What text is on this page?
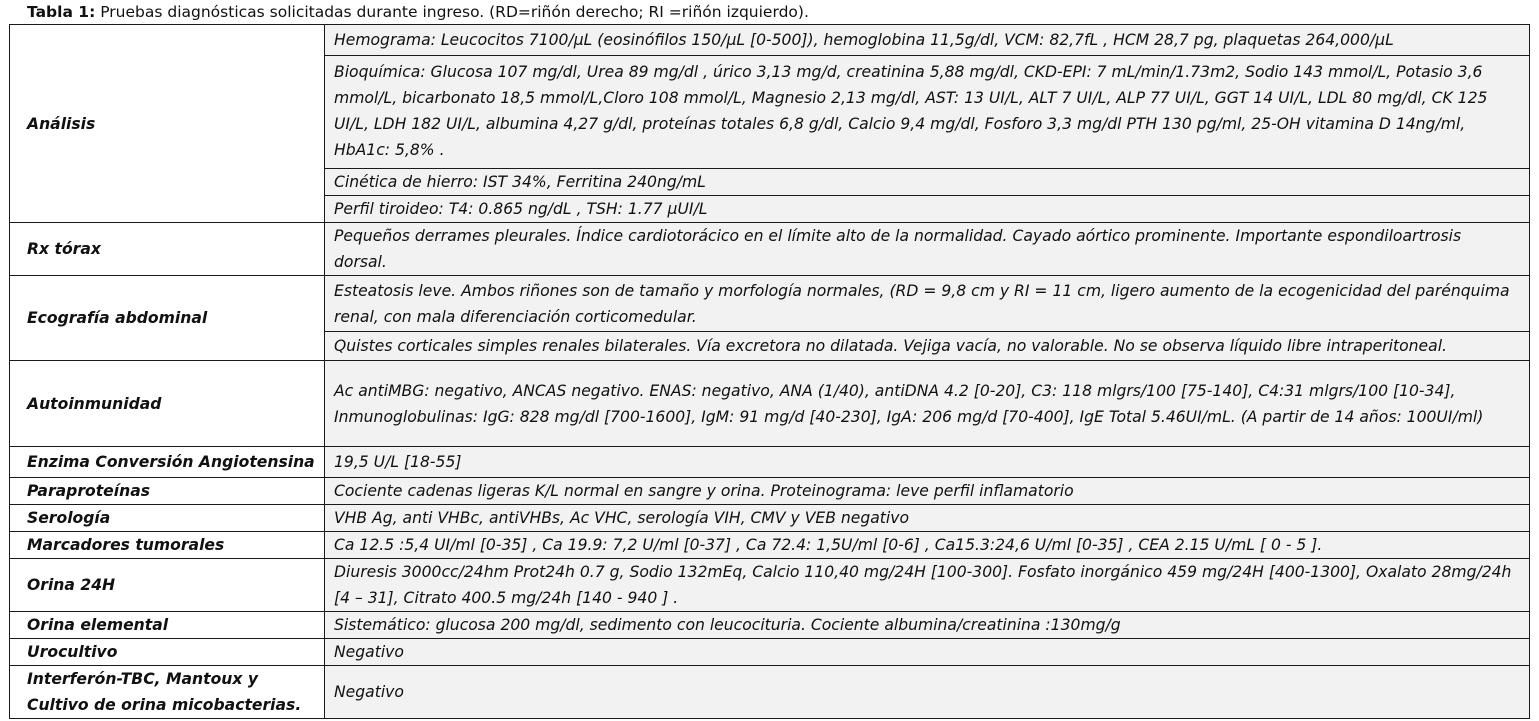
Tabla 1: Pruebas diagnósticas solicitadas durante ingreso. (RD=riñón derecho; RI =riñón izquierdo).
Análisis	Hemograma: Leucocitos 7100/µL (eosinófilos 150/µL [0-500]), hemoglobina 11,5g/dl, VCM: 82,7fL , HCM 28,7 pg, plaquetas 264,000/µL
	Bioquímica: Glucosa 107 mg/dl, Urea 89 mg/dl , úrico 3,13 mg/d, creatinina 5,88 mg/dl, CKD-EPI: 7 mL/min/1.73m2, Sodio 143 mmol/L, Potasio 3,6 mmol/L, bicarbonato 18,5 mmol/L,Cloro 108 mmol/L, Magnesio 2,13 mg/dl, AST: 13 UI/L, ALT 7 UI/L, ALP 77 UI/L, GGT 14 UI/L, LDL 80 mg/dl, CK 125 UI/L, LDH 182 UI/L, albumina 4,27 g/dl, proteínas totales 6,8 g/dl, Calcio 9,4 mg/dl, Fosforo 3,3 mg/dl PTH 130 pg/ml, 25-OH vitamina D 14ng/ml, HbA1c: 5,8% .
	Cinética de hierro: IST 34%, Ferritina 240ng/mL
	Perfil tiroideo: T4: 0.865 ng/dL , TSH: 1.77 µUI/L
Rx tórax	Pequeños derrames pleurales. Índice cardiotorácico en el límite alto de la normalidad. Cayado aórtico prominente. Importante espondiloartrosis dorsal.
Ecografía abdominal	Esteatosis leve. Ambos riñones son de tamaño y morfología normales, (RD = 9,8 cm y RI = 11 cm, ligero aumento de la ecogenicidad del parénquima renal, con mala diferenciación corticomedular.
	Quistes corticales simples renales bilaterales. Vía excretora no dilatada. Vejiga vacía, no valorable. No se observa líquido libre intraperitoneal.
Autoinmunidad	Ac antiMBG: negativo, ANCAS negativo. ENAS: negativo, ANA (1/40), antiDNA 4.2 [0-20], C3: 118 mlgrs/100 [75-140], C4:31 mlgrs/100 [10-34], Inmunoglobulinas: IgG: 828 mg/dl [700-1600], IgM: 91 mg/d [40-230], IgA: 206 mg/d [70-400], IgE Total 5.46UI/mL. (A partir de 14 años: 100UI/ml)
Enzima Conversión Angiotensina	19,5 U/L [18-55]
Paraproteínas	Cociente cadenas ligeras K/L normal en sangre y orina. Proteinograma: leve perfil inflamatorio
Serología	VHB Ag, anti VHBc, antiVHBs, Ac VHC, serología VIH, CMV y VEB negativo
Marcadores tumorales	Ca 12.5 :5,4 UI/ml [0-35] , Ca 19.9: 7,2 U/ml [0-37] , Ca 72.4: 1,5U/ml [0-6] , Ca15.3:24,6 U/ml [0-35] , CEA 2.15 U/mL [ 0 - 5 ].
Orina 24H	Diuresis 3000cc/24hm Prot24h 0.7 g, Sodio 132mEq, Calcio 110,40 mg/24H [100-300]. Fosfato inorgánico 459 mg/24H [400-1300], Oxalato 28mg/24h [4 – 31], Citrato 400.5 mg/24h [140 - 940 ] .
Orina elemental	Sistemático: glucosa 200 mg/dl, sedimento con leucocituria. Cociente albumina/creatinina :130mg/g
Urocultivo	Negativo
Interferón-TBC, Mantoux y Cultivo de orina micobacterias.	Negativo
